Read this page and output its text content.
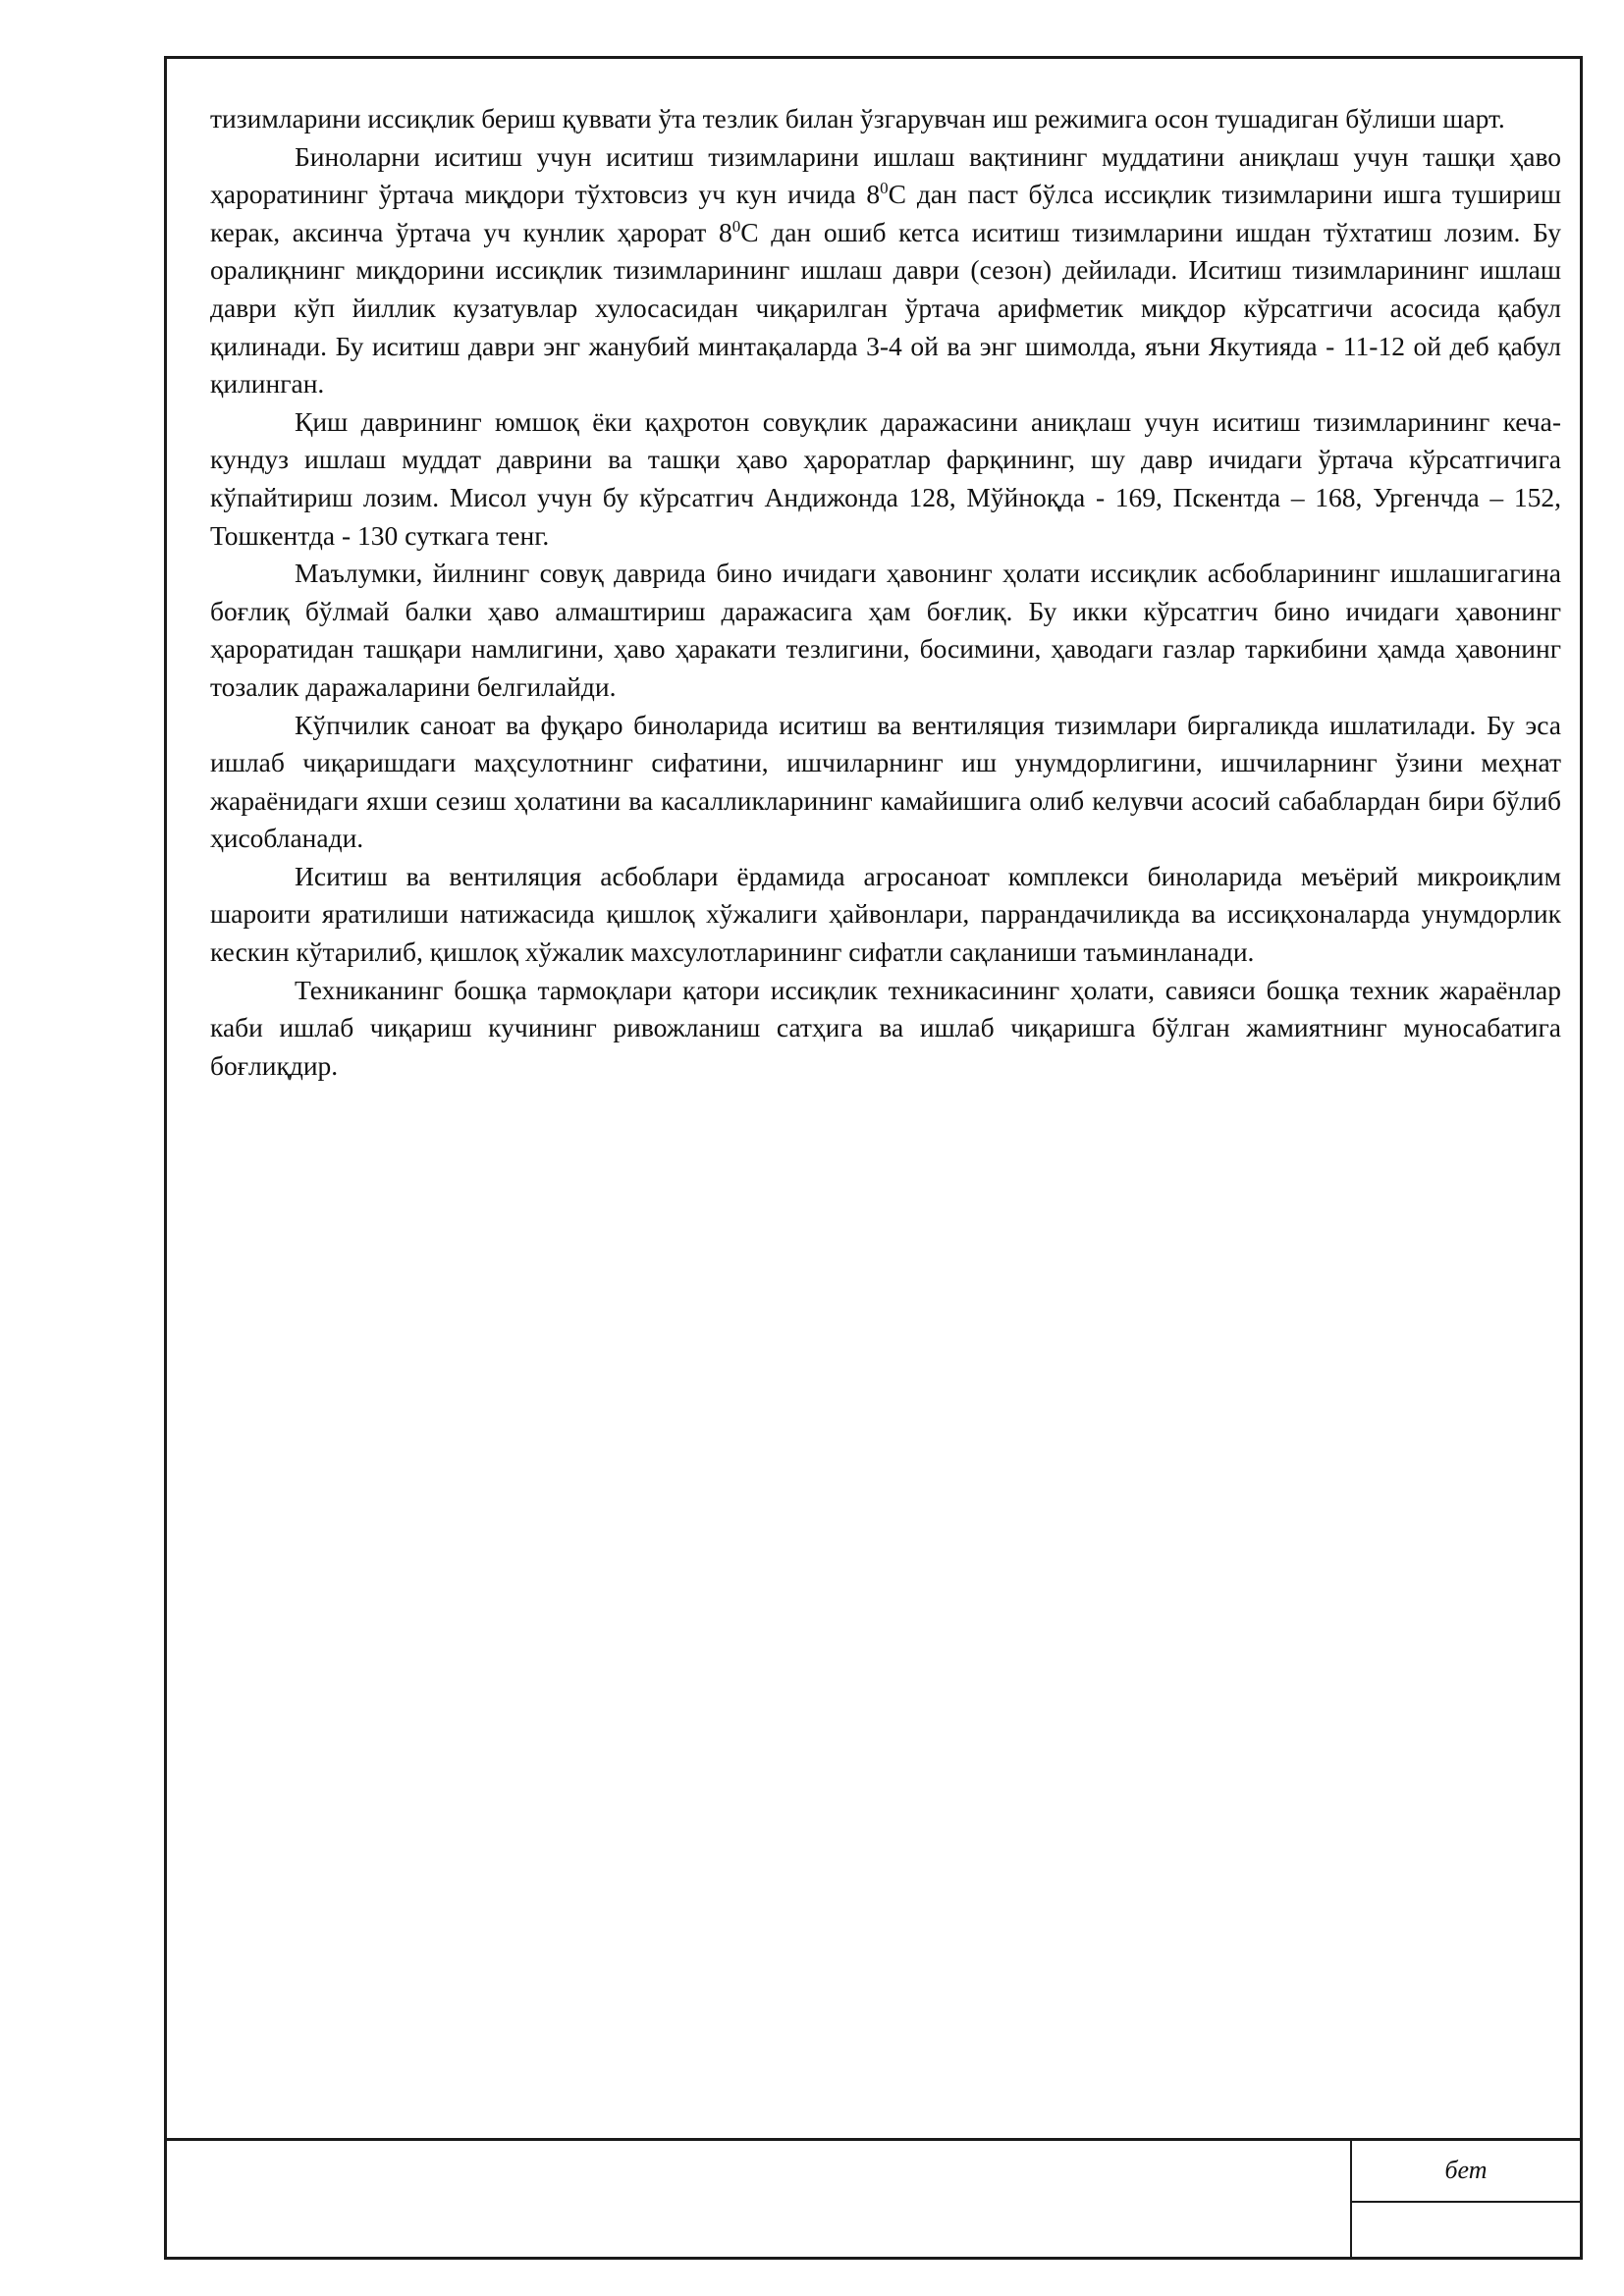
тизимларини иссиқлик бериш қуввати ўта тезлик билан ўзгарувчан иш режимига осон тушадиган бўлиши шарт.

Биноларни иситиш учун иситиш тизимларини ишлаш вақтининг муддатини аниқлаш учун ташқи ҳаво ҳароратининг ўртача миқдори тўхтовсиз уч кун ичида $8^0С$ дан паст бўлса иссиқлик тизимларини ишга тушириш керак, аксинча ўртача уч кунлик ҳарорат $8^0С$ дан ошиб кетса иситиш тизимларини ишдан тўхтатиш лозим. Бу оралиқнинг миқдорини иссиқлик тизимларининг ишлаш даври (сезон) дейилади. Иситиш тизимларининг ишлаш даври кўп йиллик кузатувлар хулосасидан чиқарилган ўртача арифметик миқдор кўрсатгичи асосида қабул қилинади. Бу иситиш даври энг жанубий минтақаларда 3-4 ой ва энг шимолда, яъни Якутияда - 11-12 ой деб қабул қилинган.

Қиш даврининг юмшоқ ёки қаҳротон совуқлик даражасини аниқлаш учун иситиш тизимларининг кеча-кундуз ишлаш муддат даврини ва ташқи ҳаво ҳароратлар фарқининг, шу давр ичидаги ўртача кўрсатгичига кўпайтириш лозим. Мисол учун бу кўрсатгич Андижонда 128, Мўйноқда - 169, Пскентда – 168, Ургенчда – 152, Тошкентда - 130 суткага тенг.

Маълумки, йилнинг совуқ даврида бино ичидаги ҳавонинг ҳолати иссиқлик асбобларининг ишлашигагина боғлиқ бўлмай балки ҳаво алмаштириш даражасига ҳам боғлиқ. Бу икки кўрсатгич бино ичидаги ҳавонинг ҳароратидан ташқари намлигини, ҳаво ҳаракати тезлигини, босимини, ҳаводаги газлар таркибини ҳамда ҳавонинг тозалик даражаларини белгилайди.

Кўпчилик саноат ва фуқаро биноларида иситиш ва вентиляция тизимлари биргаликда ишлатилади. Бу эса ишлаб чиқаришдаги маҳсулотнинг сифатини, ишчиларнинг иш унумдорлигини, ишчиларнинг ўзини меҳнат жараёнидаги яхши сезиш ҳолатини ва касалликларининг камайишига олиб келувчи асосий сабаблардан бири бўлиб ҳисобланади.

Иситиш ва вентиляция асбоблари ёрдамида агросаноат комплекси биноларида меъёрий микроиқлим шароити яратилиши натижасида қишлоқ хўжалиги ҳайвонлари, паррандачиликда ва иссиқхоналарда унумдорлик кескин кўтарилиб, қишлоқ хўжалик махсулотларининг сифатли сақланиши таъминланади.

Техниканинг бошқа тармоқлари қатори иссиқлик техникасининг ҳолати, савияси бошқа техник жараёнлар каби ишлаб чиқариш кучининг ривожланиш сатҳига ва ишлаб чиқаришга бўлган жамиятнинг муносабатига боғлиқдир.

бет
